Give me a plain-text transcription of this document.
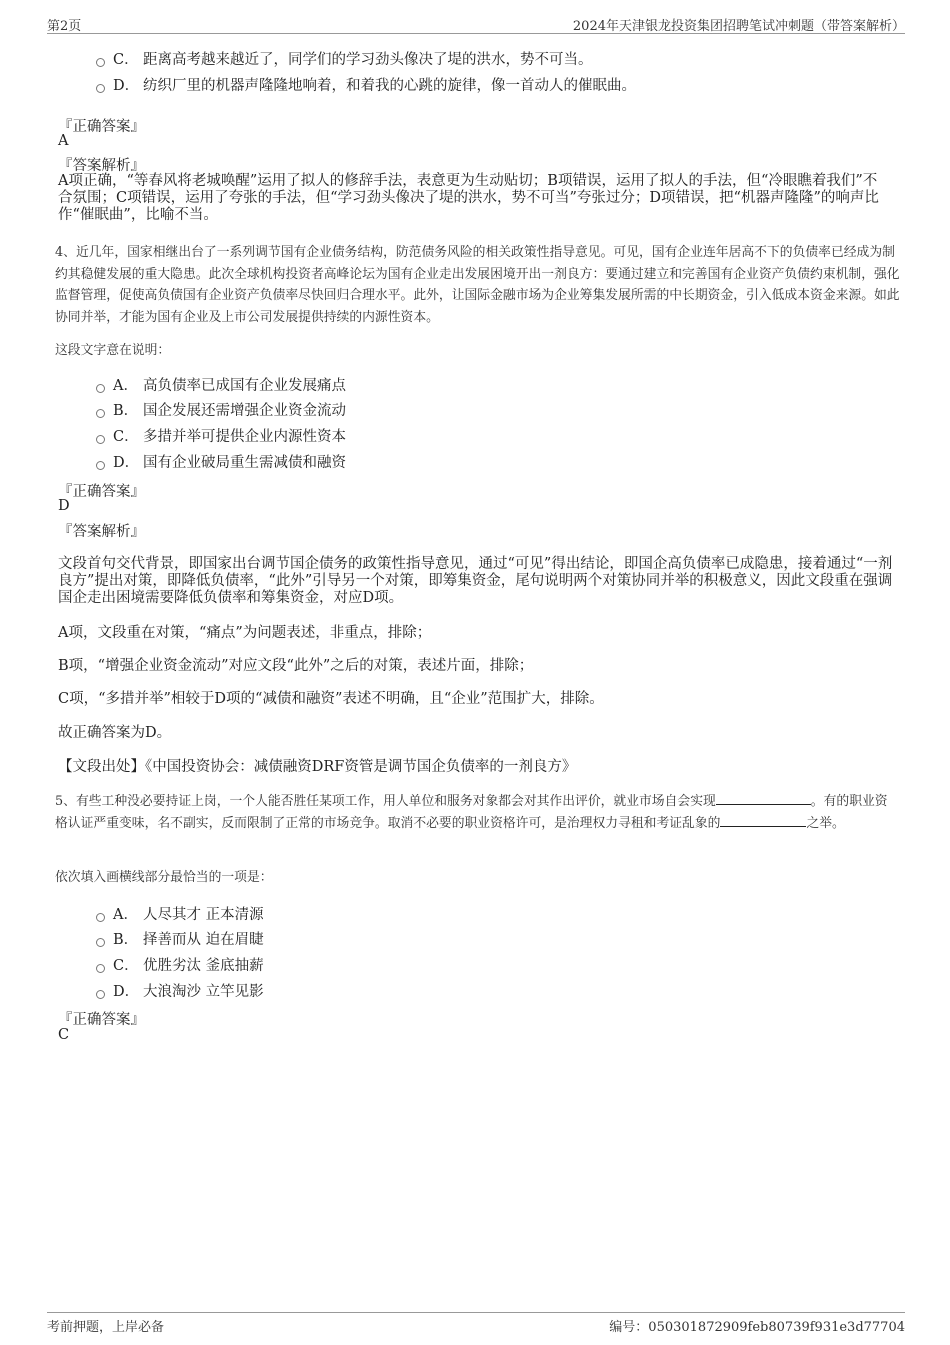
第2页	2024年天津银龙投资集团招聘笔试冲刺题（带答案解析）
C． 距离高考越来越近了，同学们的学习劲头像决了堤的洪水，势不可当。
D． 纺织厂里的机器声隆隆地响着，和着我的心跳的旋律，像一首动人的催眠曲。
『正确答案』
A
『答案解析』
A项正确，“等春风将老城唤醒”运用了拟人的修辞手法，表意更为生动贴切；B项错误，运用了拟人的手法，但“冷眼瞧着我们”不合氛围；C项错误，运用了夸张的手法，但“学习劲头像决了堤的洪水，势不可当”夸张过分；D项错误，把“机器声隆隆”的响声比作“催眠曲”，比喻不当。
4、近几年，国家相继出台了一系列调节国有企业债务结构，防范债务风险的相关政策性指导意见。可见，国有企业连年居高不下的负债率已经成为制约其稳健发展的重大隐患。此次全球机构投资者高峰论坛为国有企业走出发展困境开出一剂良方：要通过建立和完善国有企业资产负债约束机制，强化监督管理，促使高负债国有企业资产负债率尽快回归合理水平。此外，让国际金融市场为企业筹集发展所需的中长期资金，引入低成本资金来源。如此协同并举，才能为国有企业及上市公司发展提供持续的内源性资本。
这段文字意在说明：
A． 高负债率已成国有企业发展痛点
B． 国企发展还需增强企业资金流动
C． 多措并举可提供企业内源性资本
D． 国有企业破局重生需减债和融资
『正确答案』
D
『答案解析』
文段首句交代背景，即国家出台调节国企债务的政策性指导意见，通过“可见”得出结论，即国企高负债率已成隐患，接着通过“一剂良方”提出对策，即降低负债率，“此外”引导另一个对策，即筹集资金，尾句说明两个对策协同并举的积极意义，因此文段重在强调国企走出困境需要降低负债率和筹集资金，对应D项。
A项，文段重在对策，“痛点”为问题表述，非重点，排除；
B项，“增强企业资金流动”对应文段“此外”之后的对策，表述片面，排除；
C项，“多措并举”相较于D项的“减债和融资”表述不明确，且“企业”范围扩大，排除。
故正确答案为D。
【文段出处】《中国投资协会：减债融资DRF资管是调节国企负债率的一剂良方》
5、有些工种没必要持证上岗，一个人能否胜任某项工作，用人单位和服务对象都会对其作出评价，就业市场自会实现	。有的职业资格认证严重变味，名不副实，反而限制了正常的市场竞争。取消不必要的职业资格许可，是治理权力寻租和考证乱象的	之举。
依次填入画横线部分最恰当的一项是：
A． 人尽其才 正本清源
B． 择善而从 迫在眉睫
C． 优胜劣汰 釜底抽薪
D． 大浪淘沙 立竿见影
『正确答案』
C
考前押题，上岸必备	编号：050301872909feb80739f931e3d77704
